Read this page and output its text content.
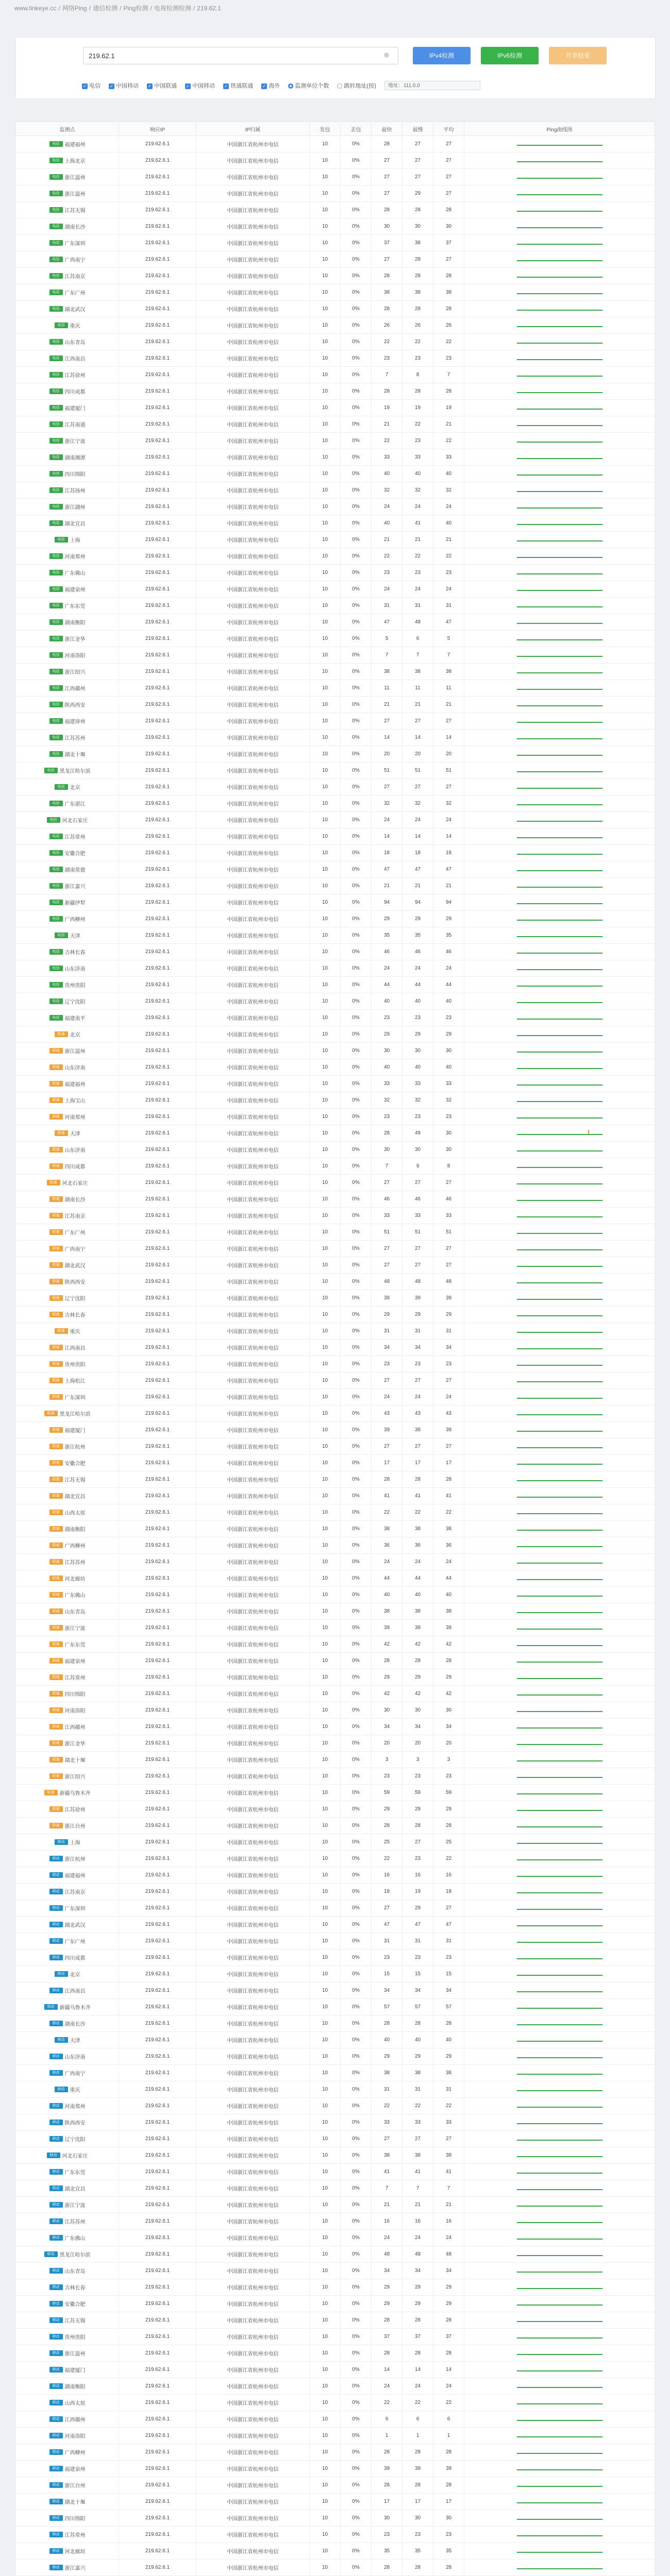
www.linkeye.cc / 网络Ping / 通信检测 / Ping检测 / 电视检测检测 / 219.62.1
219.62.1
⊗	IPv4检测	IPv6检测	共享结果
✓ 电信 ✓ 中国移动 ✓ 中国联通 ✓ 中国移动 ✓ 铁通联通 ✓ 海外	监测单位个数	跳转地址(按) 地址：111.0.0
监测点	响应IP	IP归属	发包	丢包	最快	最慢	平均	Ping曲线图
电信 福建福州	219.62.6.1	中国浙江省杭州市电信	10	0%	28	27	27	

电信 上海北京	219.62.6.1	中国浙江省杭州市电信	10	0%	27	27	27	

电信 浙江温州	219.62.6.1	中国浙江省杭州市电信	10	0%	27	27	27	

电信 浙江温州	219.62.6.1	中国浙江省杭州市电信	10	0%	27	29	27	

电信 江苏无锡	219.62.6.1	中国浙江省杭州市电信	10	0%	28	28	28	

电信 湖南长沙	219.62.6.1	中国浙江省杭州市电信	10	0%	30	30	30	

电信 广东深圳	219.62.6.1	中国浙江省杭州市电信	10	0%	37	38	37	

电信 广西南宁	219.62.6.1	中国浙江省杭州市电信	10	0%	27	28	27	

电信 江苏南京	219.62.6.1	中国浙江省杭州市电信	10	0%	28	28	28	

电信 广东广州	219.62.6.1	中国浙江省杭州市电信	10	0%	38	38	38	

电信 湖北武汉	219.62.6.1	中国浙江省杭州市电信	10	0%	28	28	28	

电信 重庆	219.62.6.1	中国浙江省杭州市电信	10	0%	26	26	26	

电信 山东青岛	219.62.6.1	中国浙江省杭州市电信	10	0%	22	22	22	

电信 江西南昌	219.62.6.1	中国浙江省杭州市电信	10	0%	23	23	23	

电信 江苏徐州	219.62.6.1	中国浙江省杭州市电信	10	0%	7	8	7	

电信 四川成都	219.62.6.1	中国浙江省杭州市电信	10	0%	28	28	28	

电信 福建厦门	219.62.6.1	中国浙江省杭州市电信	10	0%	19	19	19	

电信 江苏南通	219.62.6.1	中国浙江省杭州市电信	10	0%	21	22	21	

电信 浙江宁波	219.62.6.1	中国浙江省杭州市电信	10	0%	22	23	22	

电信 湖南湘潭	219.62.6.1	中国浙江省杭州市电信	10	0%	33	33	33	

电信 四川绵阳	219.62.6.1	中国浙江省杭州市电信	10	0%	40	40	40	

电信 江苏扬州	219.62.6.1	中国浙江省杭州市电信	10	0%	32	32	32	

电信 浙江湖州	219.62.6.1	中国浙江省杭州市电信	10	0%	24	24	24	

电信 湖北宜昌	219.62.6.1	中国浙江省杭州市电信	10	0%	40	41	40	

电信 上海	219.62.6.1	中国浙江省杭州市电信	10	0%	21	21	21	

电信 河南郑州	219.62.6.1	中国浙江省杭州市电信	10	0%	22	22	22	

电信 广东佛山	219.62.6.1	中国浙江省杭州市电信	10	0%	23	23	23	

电信 福建泉州	219.62.6.1	中国浙江省杭州市电信	10	0%	24	24	24	

电信 广东东莞	219.62.6.1	中国浙江省杭州市电信	10	0%	31	31	31	

电信 湖南衡阳	219.62.6.1	中国浙江省杭州市电信	10	0%	47	48	47	

电信 浙江金华	219.62.6.1	中国浙江省杭州市电信	10	0%	5	6	5	

电信 河南洛阳	219.62.6.1	中国浙江省杭州市电信	10	0%	7	7	7	

电信 浙江绍兴	219.62.6.1	中国浙江省杭州市电信	10	0%	38	38	38	

电信 江西赣州	219.62.6.1	中国浙江省杭州市电信	10	0%	11	11	11	

电信 陕西西安	219.62.6.1	中国浙江省杭州市电信	10	0%	21	21	21	

电信 福建漳州	219.62.6.1	中国浙江省杭州市电信	10	0%	27	27	27	

电信 江苏苏州	219.62.6.1	中国浙江省杭州市电信	10	0%	14	14	14	

电信 湖北十堰	219.62.6.1	中国浙江省杭州市电信	10	0%	20	20	20	

电信 黑龙江哈尔滨	219.62.6.1	中国浙江省杭州市电信	10	0%	51	51	51	

电信 北京	219.62.6.1	中国浙江省杭州市电信	10	0%	27	27	27	

电信 广东湛江	219.62.6.1	中国浙江省杭州市电信	10	0%	32	32	32	

电信 河北石家庄	219.62.6.1	中国浙江省杭州市电信	10	0%	24	24	24	

电信 江苏常州	219.62.6.1	中国浙江省杭州市电信	10	0%	14	14	14	

电信 安徽合肥	219.62.6.1	中国浙江省杭州市电信	10	0%	18	18	18	

电信 湖南常德	219.62.6.1	中国浙江省杭州市电信	10	0%	47	47	47	

电信 浙江嘉兴	219.62.6.1	中国浙江省杭州市电信	10	0%	21	21	21	

电信 新疆伊犁	219.62.6.1	中国浙江省杭州市电信	10	0%	94	94	94	

电信 广西柳州	219.62.6.1	中国浙江省杭州市电信	10	0%	29	29	29	

电信 天津	219.62.6.1	中国浙江省杭州市电信	10	0%	35	35	35	

电信 吉林长春	219.62.6.1	中国浙江省杭州市电信	10	0%	46	46	46	

电信 山东济南	219.62.6.1	中国浙江省杭州市电信	10	0%	24	24	24	

电信 贵州贵阳	219.62.6.1	中国浙江省杭州市电信	10	0%	44	44	44	

电信 辽宁沈阳	219.62.6.1	中国浙江省杭州市电信	10	0%	40	40	40	

电信 福建南平	219.62.6.1	中国浙江省杭州市电信	10	0%	23	23	23	

联通 北京	219.62.6.1	中国浙江省杭州市电信	10	0%	29	29	29	

联通 浙江温州	219.62.6.1	中国浙江省杭州市电信	10	0%	30	30	30	

联通 山东济南	219.62.6.1	中国浙江省杭州市电信	10	0%	40	40	40	

联通 福建福州	219.62.6.1	中国浙江省杭州市电信	10	0%	33	33	33	

联通 上海宝山	219.62.6.1	中国浙江省杭州市电信	10	0%	32	32	32	

联通 河南郑州	219.62.6.1	中国浙江省杭州市电信	10	0%	23	23	23	

联通 天津	219.62.6.1	中国浙江省杭州市电信	10	0%	28	49	30	

联通 山东济南	219.62.6.1	中国浙江省杭州市电信	10	0%	30	30	30	

联通 四川成都	219.62.6.1	中国浙江省杭州市电信	10	0%	7	9	8	

联通 河北石家庄	219.62.6.1	中国浙江省杭州市电信	10	0%	27	27	27	

联通 湖南长沙	219.62.6.1	中国浙江省杭州市电信	10	0%	46	46	46	

联通 江苏南京	219.62.6.1	中国浙江省杭州市电信	10	0%	33	33	33	

联通 广东广州	219.62.6.1	中国浙江省杭州市电信	10	0%	51	51	51	

联通 广西南宁	219.62.6.1	中国浙江省杭州市电信	10	0%	27	27	27	

联通 湖北武汉	219.62.6.1	中国浙江省杭州市电信	10	0%	27	27	27	

联通 陕西西安	219.62.6.1	中国浙江省杭州市电信	10	0%	48	48	48	

联通 辽宁沈阳	219.62.6.1	中国浙江省杭州市电信	10	0%	39	39	39	

联通 吉林长春	219.62.6.1	中国浙江省杭州市电信	10	0%	29	29	29	

联通 重庆	219.62.6.1	中国浙江省杭州市电信	10	0%	31	31	31	

联通 江西南昌	219.62.6.1	中国浙江省杭州市电信	10	0%	34	34	34	

联通 贵州贵阳	219.62.6.1	中国浙江省杭州市电信	10	0%	23	23	23	

联通 上海松江	219.62.6.1	中国浙江省杭州市电信	10	0%	27	27	27	

联通 广东深圳	219.62.6.1	中国浙江省杭州市电信	10	0%	24	24	24	

联通 黑龙江哈尔滨	219.62.6.1	中国浙江省杭州市电信	10	0%	43	43	43	

联通 福建厦门	219.62.6.1	中国浙江省杭州市电信	10	0%	39	39	39	

联通 浙江杭州	219.62.6.1	中国浙江省杭州市电信	10	0%	27	27	27	

联通 安徽合肥	219.62.6.1	中国浙江省杭州市电信	10	0%	17	17	17	

联通 江苏无锡	219.62.6.1	中国浙江省杭州市电信	10	0%	28	28	28	

联通 湖北宜昌	219.62.6.1	中国浙江省杭州市电信	10	0%	41	41	41	

联通 山西太原	219.62.6.1	中国浙江省杭州市电信	10	0%	22	22	22	

联通 湖南衡阳	219.62.6.1	中国浙江省杭州市电信	10	0%	38	38	38	

联通 广西柳州	219.62.6.1	中国浙江省杭州市电信	10	0%	36	36	36	

联通 江苏苏州	219.62.6.1	中国浙江省杭州市电信	10	0%	24	24	24	

联通 河北廊坊	219.62.6.1	中国浙江省杭州市电信	10	0%	44	44	44	

联通 广东佛山	219.62.6.1	中国浙江省杭州市电信	10	0%	40	40	40	

联通 山东青岛	219.62.6.1	中国浙江省杭州市电信	10	0%	38	38	38	

联通 浙江宁波	219.62.6.1	中国浙江省杭州市电信	10	0%	39	39	39	

联通 广东东莞	219.62.6.1	中国浙江省杭州市电信	10	0%	42	42	42	

联通 福建泉州	219.62.6.1	中国浙江省杭州市电信	10	0%	28	28	28	

联通 江苏常州	219.62.6.1	中国浙江省杭州市电信	10	0%	29	29	29	

联通 四川绵阳	219.62.6.1	中国浙江省杭州市电信	10	0%	42	42	42	

联通 河南洛阳	219.62.6.1	中国浙江省杭州市电信	10	0%	30	30	30	

联通 江西赣州	219.62.6.1	中国浙江省杭州市电信	10	0%	34	34	34	

联通 浙江金华	219.62.6.1	中国浙江省杭州市电信	10	0%	20	20	20	

联通 湖北十堰	219.62.6.1	中国浙江省杭州市电信	10	0%	3	3	3	

联通 浙江绍兴	219.62.6.1	中国浙江省杭州市电信	10	0%	23	23	23	

联通 新疆乌鲁木齐	219.62.6.1	中国浙江省杭州市电信	10	0%	59	59	59	

联通 江苏徐州	219.62.6.1	中国浙江省杭州市电信	10	0%	29	29	29	

联通 浙江台州	219.62.6.1	中国浙江省杭州市电信	10	0%	28	28	28	

移动 上海	219.62.6.1	中国浙江省杭州市电信	10	0%	25	27	25	

移动 浙江杭州	219.62.6.1	中国浙江省杭州市电信	10	0%	22	23	22	

移动 福建福州	219.62.6.1	中国浙江省杭州市电信	10	0%	16	16	16	

移动 江苏南京	219.62.6.1	中国浙江省杭州市电信	10	0%	18	19	18	

移动 广东深圳	219.62.6.1	中国浙江省杭州市电信	10	0%	27	29	27	

移动 湖北武汉	219.62.6.1	中国浙江省杭州市电信	10	0%	47	47	47	

移动 广东广州	219.62.6.1	中国浙江省杭州市电信	10	0%	31	31	31	

移动 四川成都	219.62.6.1	中国浙江省杭州市电信	10	0%	23	23	23	

移动 北京	219.62.6.1	中国浙江省杭州市电信	10	0%	15	15	15	

移动 江西南昌	219.62.6.1	中国浙江省杭州市电信	10	0%	34	34	34	

移动 新疆乌鲁木齐	219.62.6.1	中国浙江省杭州市电信	10	0%	57	57	57	

移动 湖南长沙	219.62.6.1	中国浙江省杭州市电信	10	0%	28	28	28	

移动 天津	219.62.6.1	中国浙江省杭州市电信	10	0%	40	40	40	

移动 山东济南	219.62.6.1	中国浙江省杭州市电信	10	0%	29	29	29	

移动 广西南宁	219.62.6.1	中国浙江省杭州市电信	10	0%	38	38	38	

移动 重庆	219.62.6.1	中国浙江省杭州市电信	10	0%	31	31	31	

移动 河南郑州	219.62.6.1	中国浙江省杭州市电信	10	0%	22	22	22	

移动 陕西西安	219.62.6.1	中国浙江省杭州市电信	10	0%	33	33	33	

移动 辽宁沈阳	219.62.6.1	中国浙江省杭州市电信	10	0%	27	27	27	

移动 河北石家庄	219.62.6.1	中国浙江省杭州市电信	10	0%	38	38	38	

移动 广东东莞	219.62.6.1	中国浙江省杭州市电信	10	0%	41	41	41	

移动 湖北宜昌	219.62.6.1	中国浙江省杭州市电信	10	0%	7	7	7	

移动 浙江宁波	219.62.6.1	中国浙江省杭州市电信	10	0%	21	21	21	

移动 江苏苏州	219.62.6.1	中国浙江省杭州市电信	10	0%	16	16	16	

移动 广东佛山	219.62.6.1	中国浙江省杭州市电信	10	0%	24	24	24	

移动 黑龙江哈尔滨	219.62.6.1	中国浙江省杭州市电信	10	0%	48	48	48	

移动 山东青岛	219.62.6.1	中国浙江省杭州市电信	10	0%	34	34	34	

移动 吉林长春	219.62.6.1	中国浙江省杭州市电信	10	0%	29	29	29	

移动 安徽合肥	219.62.6.1	中国浙江省杭州市电信	10	0%	29	29	29	

移动 江苏无锡	219.62.6.1	中国浙江省杭州市电信	10	0%	28	28	28	

移动 贵州贵阳	219.62.6.1	中国浙江省杭州市电信	10	0%	37	37	37	

移动 浙江温州	219.62.6.1	中国浙江省杭州市电信	10	0%	28	28	28	

移动 福建厦门	219.62.6.1	中国浙江省杭州市电信	10	0%	14	14	14	

移动 湖南衡阳	219.62.6.1	中国浙江省杭州市电信	10	0%	24	24	24	

移动 山西太原	219.62.6.1	中国浙江省杭州市电信	10	0%	22	22	22	

移动 江西赣州	219.62.6.1	中国浙江省杭州市电信	10	0%	6	6	6	

移动 河南洛阳	219.62.6.1	中国浙江省杭州市电信	10	0%	1	1	1	

移动 广西柳州	219.62.6.1	中国浙江省杭州市电信	10	0%	28	28	28	

移动 福建泉州	219.62.6.1	中国浙江省杭州市电信	10	0%	39	39	39	

移动 浙江台州	219.62.6.1	中国浙江省杭州市电信	10	0%	28	28	28	

移动 湖北十堰	219.62.6.1	中国浙江省杭州市电信	10	0%	17	17	17	

移动 四川绵阳	219.62.6.1	中国浙江省杭州市电信	10	0%	30	30	30	

移动 江苏常州	219.62.6.1	中国浙江省杭州市电信	10	0%	23	23	23	

移动 河北廊坊	219.62.6.1	中国浙江省杭州市电信	10	0%	35	35	35	

移动 浙江嘉兴	219.62.6.1	中国浙江省杭州市电信	10	0%	28	28	28	
